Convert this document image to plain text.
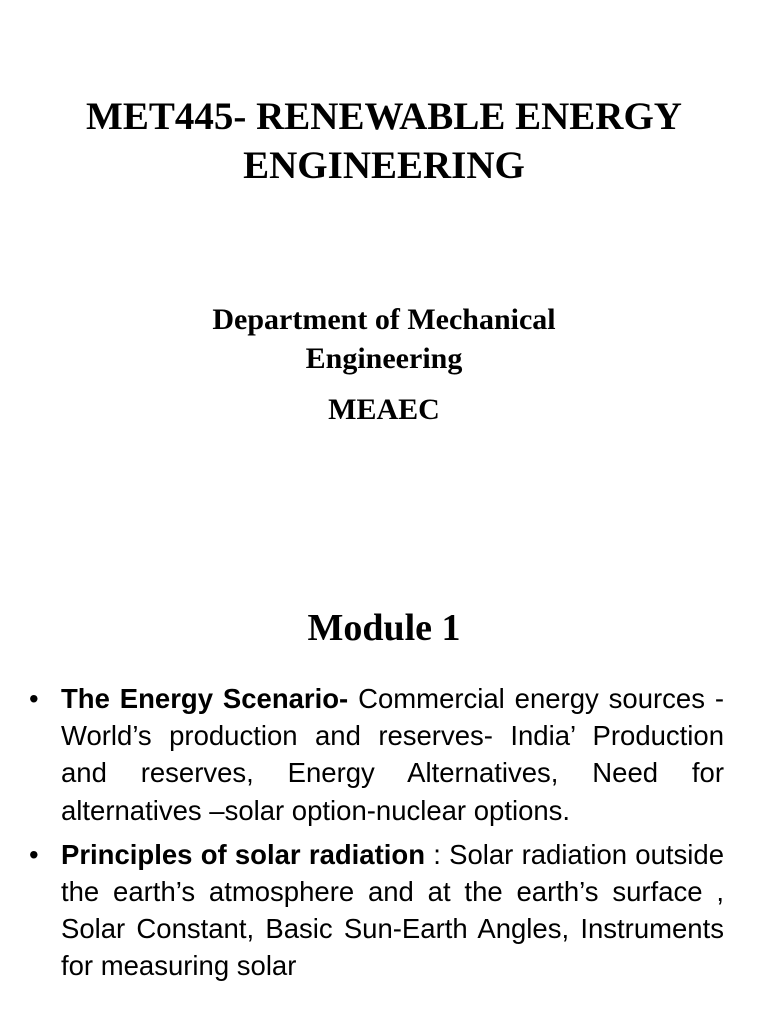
MET445- RENEWABLE ENERGY
ENGINEERING
Department of Mechanical
Engineering
MEAEC
Module 1
• The Energy Scenario- Commercial energy sources -World’s production and reserves- India’ Production and reserves, Energy Alternatives, Need for alternatives –solar option-nuclear options.
• Principles of solar radiation : Solar radiation outside the earth’s atmosphere and at the earth’s surface , Solar Constant, Basic Sun-Earth Angles, Instruments for measuring solar
